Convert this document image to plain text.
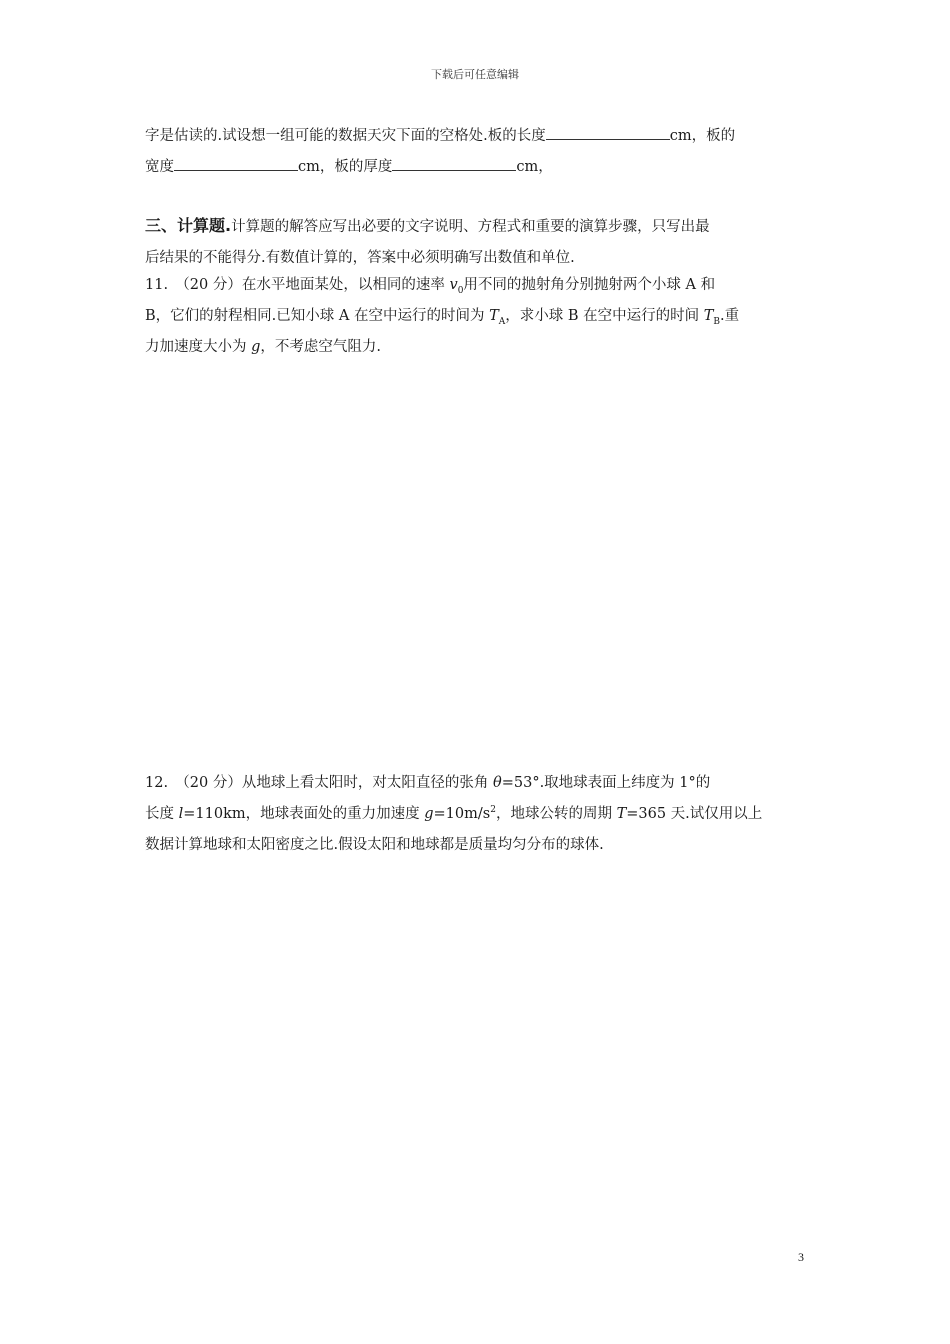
下载后可任意编辑
字是估读的.试设想一组可能的数据天灾下面的空格处.板的长度	cm，板的
宽度	cm，板的厚度	cm，
三、计算题.计算题的解答应写出必要的文字说明、方程式和重要的演算步骤，只写出最
后结果的不能得分.有数值计算的，答案中必须明确写出数值和单位.
11.　（20 分）在水平地面某处，以相同的速率 $v_0$用不同的抛射角分别抛射两个小球 A 和
B，它们的射程相同.已知小球 A 在空中运行的时间为 $T_A$，求小球 B 在空中运行的时间 $T_B$.重
力加速度大小为 g，不考虑空气阻力.
12.　（20 分）从地球上看太阳时，对太阳直径的张角 θ=53°.取地球表面上纬度为 1°的
长度 l=110km，地球表面处的重力加速度 $g=10m/s^2$，地球公转的周期 T=365 天.试仅用以上
数据计算地球和太阳密度之比.假设太阳和地球都是质量均匀分布的球体.
3
